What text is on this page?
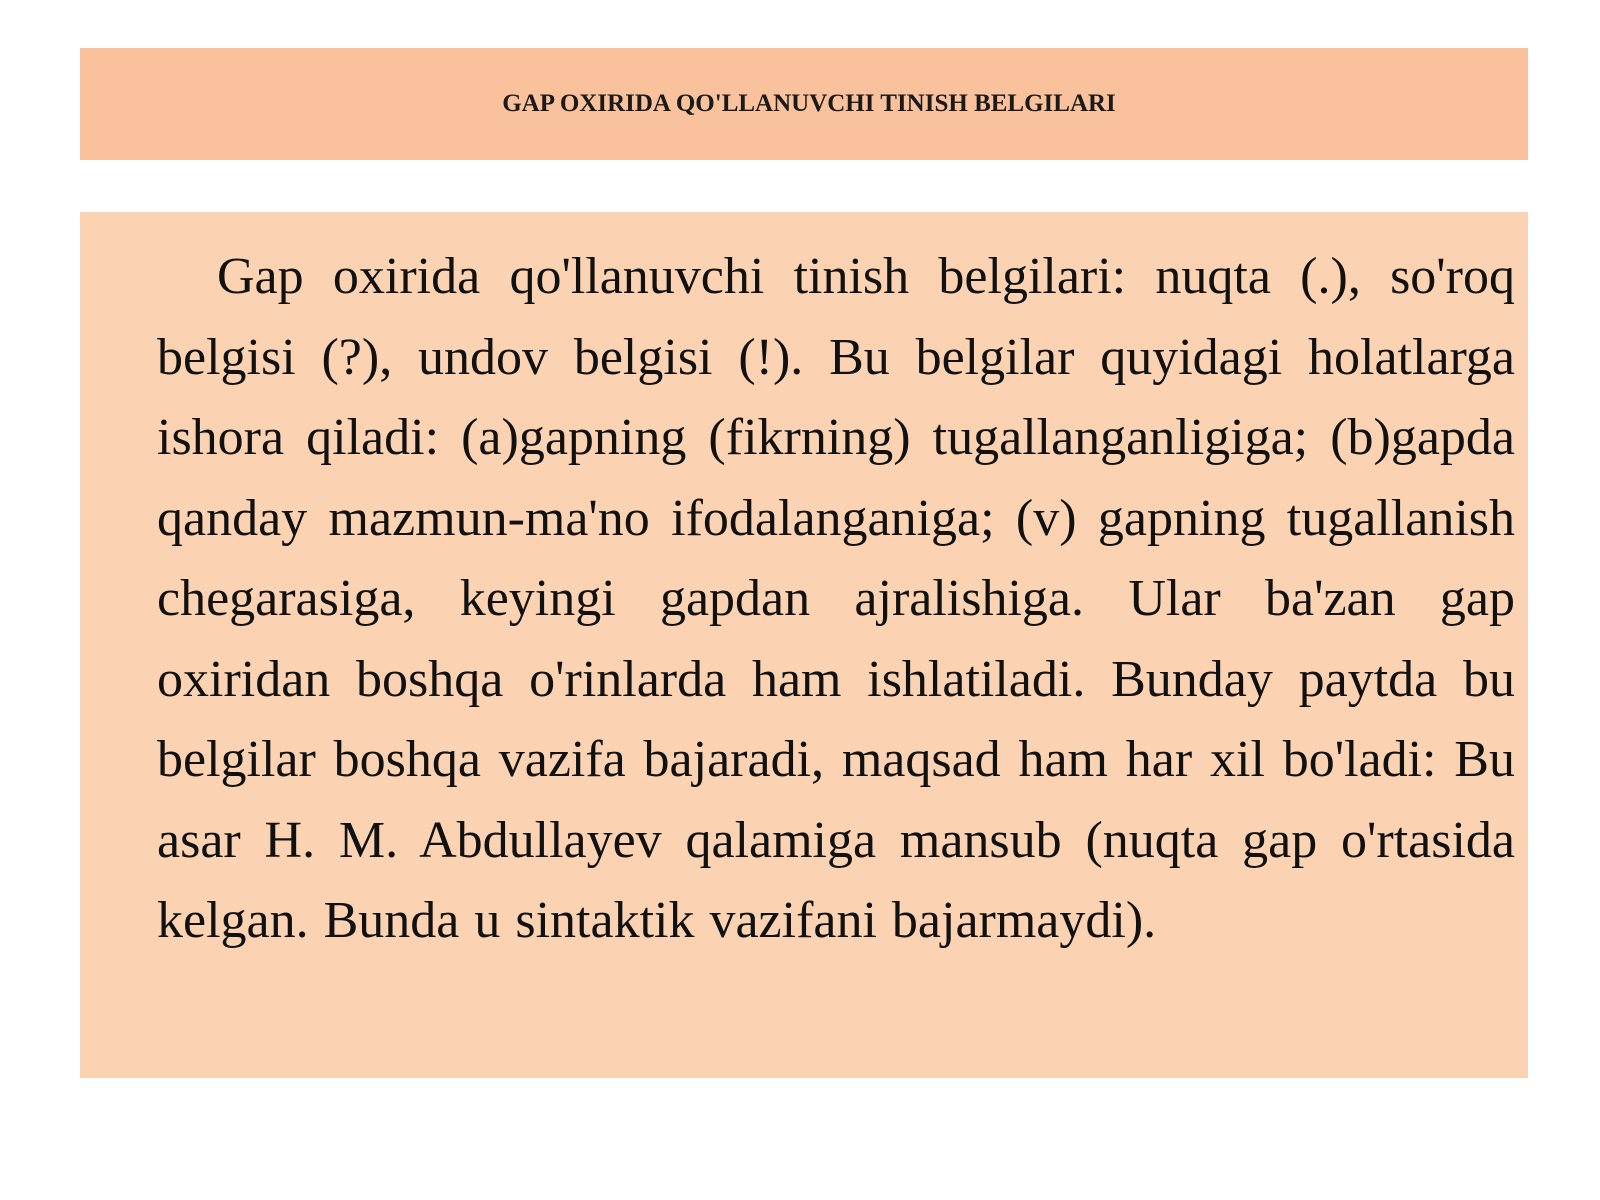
GAP OXIRIDA QO'LLANUVCHI TINISH BELGILARI

Gap oxirida qo'llanuvchi tinish belgilari: nuqta (.), so'roq belgisi (?), undov belgisi (!). Bu belgilar quyidagi holatlarga ishora qiladi: (a)gapning (fikrning) tugallanganligiga; (b)gapda qanday mazmun-ma'no ifodalanganiga; (v) gapning tugallanish chegarasiga, keyingi gapdan ajralishiga. Ular ba'zan gap oxiridan boshqa o'rinlarda ham ishlatiladi. Bunday paytda bu belgilar boshqa vazifa bajaradi, maqsad ham har xil bo'ladi: Bu asar H. M. Abdullayev qalamiga mansub (nuqta gap o'rtasida kelgan. Bunda u sintaktik vazifani bajarmaydi).
